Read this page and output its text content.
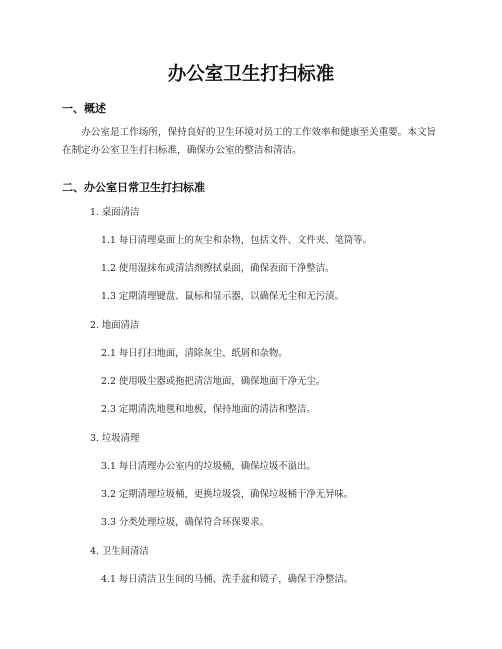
办公室卫生打扫标准
一、概述
办公室是工作场所，保持良好的卫生环境对员工的工作效率和健康至关重要。本文旨在制定办公室卫生打扫标准，确保办公室的整洁和清洁。
二、办公室日常卫生打扫标准
1. 桌面清洁
1.1 每日清理桌面上的灰尘和杂物，包括文件、文件夹、笔筒等。
1.2 使用湿抹布或清洁剂擦拭桌面，确保表面干净整洁。
1.3 定期清理键盘、鼠标和显示器，以确保无尘和无污渍。
2. 地面清洁
2.1 每日打扫地面，清除灰尘、纸屑和杂物。
2.2 使用吸尘器或拖把清洁地面，确保地面干净无尘。
2.3 定期清洗地毯和地板，保持地面的清洁和整洁。
3. 垃圾清理
3.1 每日清理办公室内的垃圾桶，确保垃圾不溢出。
3.2 定期清理垃圾桶，更换垃圾袋，确保垃圾桶干净无异味。
3.3 分类处理垃圾，确保符合环保要求。
4. 卫生间清洁
4.1 每日清洁卫生间的马桶、洗手盆和镜子，确保干净整洁。
